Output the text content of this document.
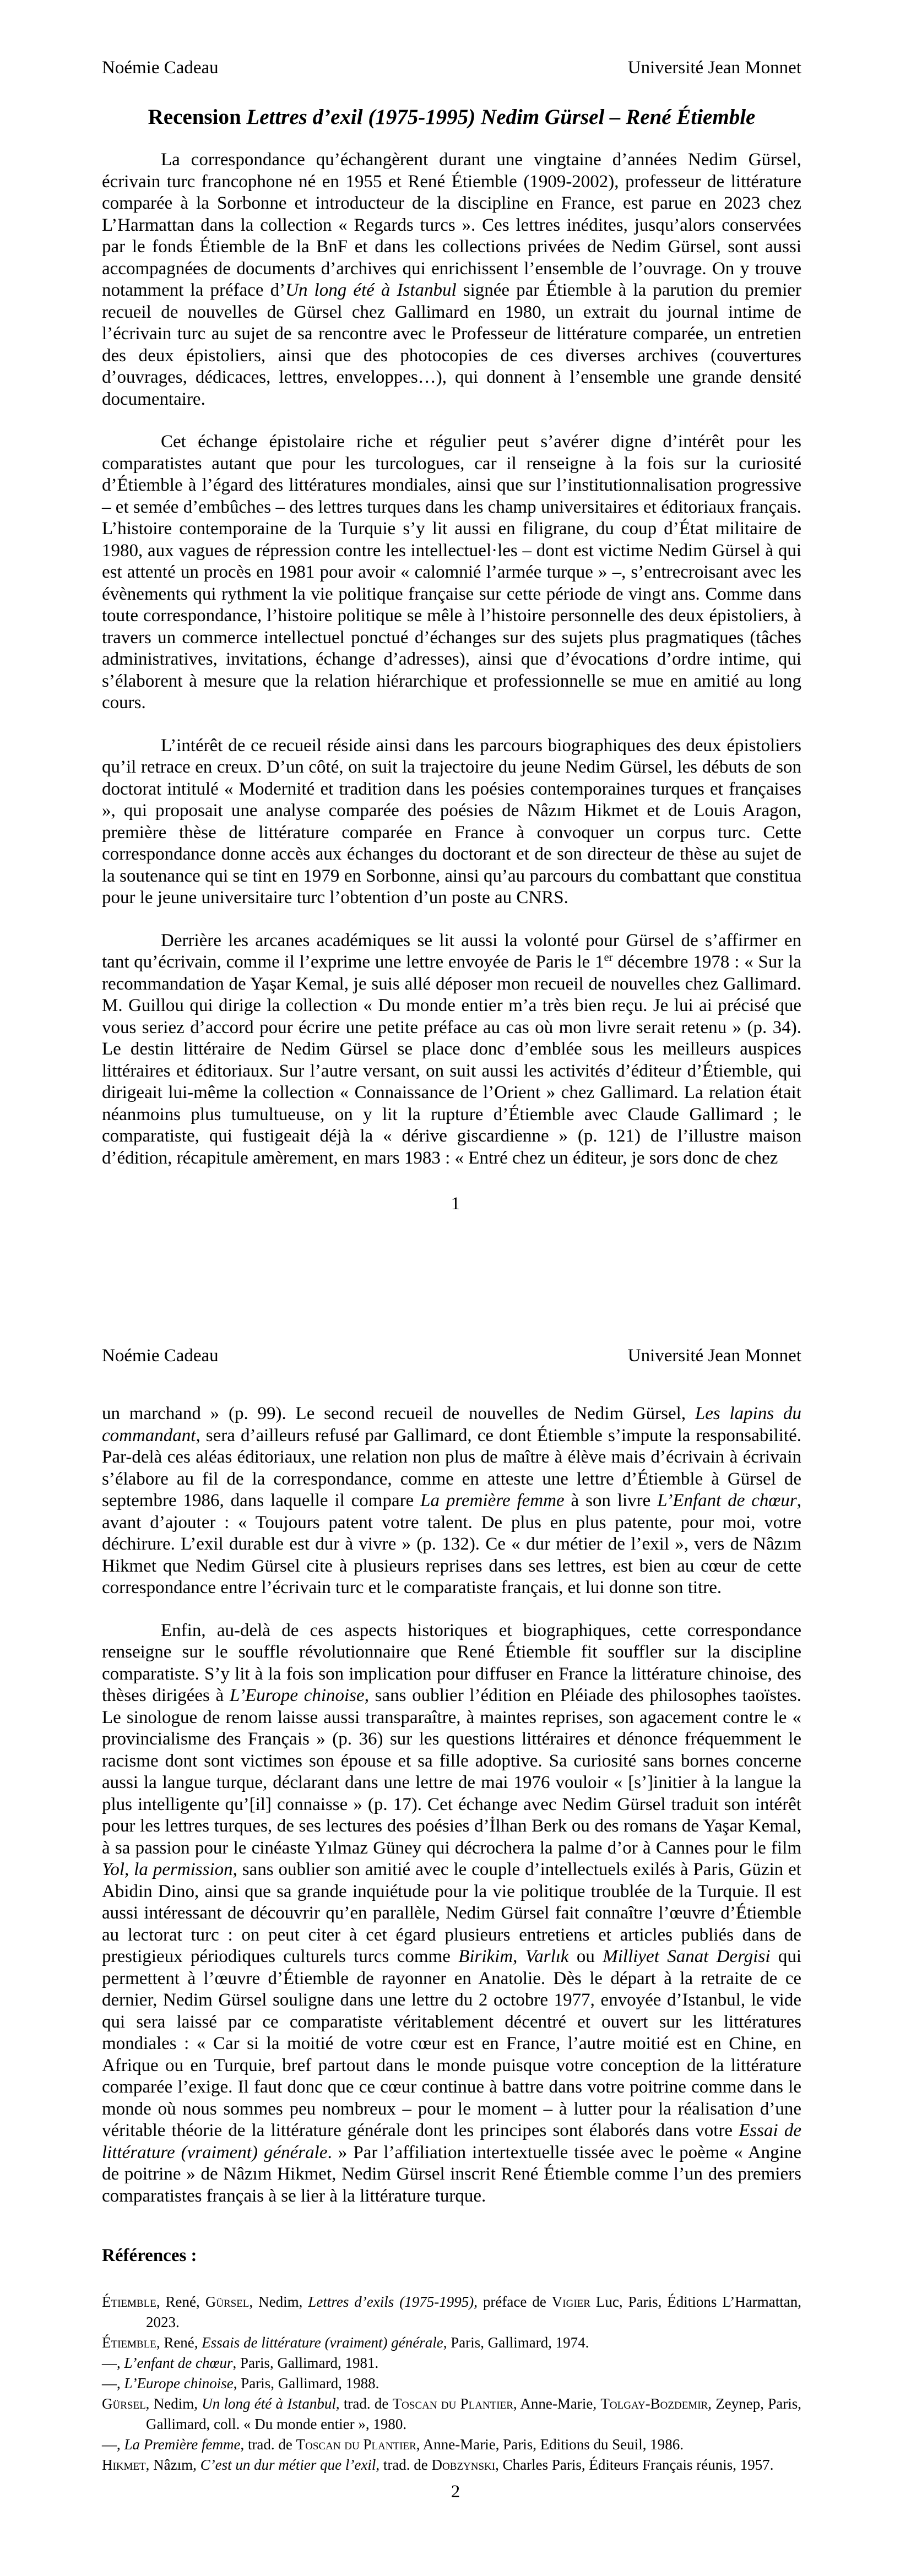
Noémie Cadeau	Université Jean Monnet
Recension Lettres d’exil (1975-1995) Nedim Gürsel – René Étiemble

La correspondance qu’échangèrent durant une vingtaine d’années Nedim Gürsel, écrivain turc francophone né en 1955 et René Étiemble (1909-2002), professeur de littérature comparée à la Sorbonne et introducteur de la discipline en France, est parue en 2023 chez L’Harmattan dans la collection « Regards turcs ». Ces lettres inédites, jusqu’alors conservées par le fonds Étiemble de la BnF et dans les collections privées de Nedim Gürsel, sont aussi accompagnées de documents d’archives qui enrichissent l’ensemble de l’ouvrage. On y trouve notamment la préface d’Un long été à Istanbul signée par Étiemble à la parution du premier recueil de nouvelles de Gürsel chez Gallimard en 1980, un extrait du journal intime de l’écrivain turc au sujet de sa rencontre avec le Professeur de littérature comparée, un entretien des deux épistoliers, ainsi que des photocopies de ces diverses archives (couvertures d’ouvrages, dédicaces, lettres, enveloppes…), qui donnent à l’ensemble une grande densité documentaire.

Cet échange épistolaire riche et régulier peut s’avérer digne d’intérêt pour les comparatistes autant que pour les turcologues, car il renseigne à la fois sur la curiosité d’Étiemble à l’égard des littératures mondiales, ainsi que sur l’institutionnalisation progressive – et semée d’embûches – des lettres turques dans les champ universitaires et éditoriaux français. L’histoire contemporaine de la Turquie s’y lit aussi en filigrane, du coup d’État militaire de 1980, aux vagues de répression contre les intellectuel·les – dont est victime Nedim Gürsel à qui est attenté un procès en 1981 pour avoir « calomnié l’armée turque » –, s’entrecroisant avec les évènements qui rythment la vie politique française sur cette période de vingt ans. Comme dans toute correspondance, l’histoire politique se mêle à l’histoire personnelle des deux épistoliers, à travers un commerce intellectuel ponctué d’échanges sur des sujets plus pragmatiques (tâches administratives, invitations, échange d’adresses), ainsi que d’évocations d’ordre intime, qui s’élaborent à mesure que la relation hiérarchique et professionnelle se mue en amitié au long cours.

L’intérêt de ce recueil réside ainsi dans les parcours biographiques des deux épistoliers qu’il retrace en creux. D’un côté, on suit la trajectoire du jeune Nedim Gürsel, les débuts de son doctorat intitulé « Modernité et tradition dans les poésies contemporaines turques et françaises », qui proposait une analyse comparée des poésies de Nâzım Hikmet et de Louis Aragon, première thèse de littérature comparée en France à convoquer un corpus turc. Cette correspondance donne accès aux échanges du doctorant et de son directeur de thèse au sujet de la soutenance qui se tint en 1979 en Sorbonne, ainsi qu’au parcours du combattant que constitua pour le jeune universitaire turc l’obtention d’un poste au CNRS.

Derrière les arcanes académiques se lit aussi la volonté pour Gürsel de s’affirmer en tant qu’écrivain, comme il l’exprime une lettre envoyée de Paris le 1er décembre 1978 : « Sur la recommandation de Yaşar Kemal, je suis allé déposer mon recueil de nouvelles chez Gallimard. M. Guillou qui dirige la collection « Du monde entier m’a très bien reçu. Je lui ai précisé que vous seriez d’accord pour écrire une petite préface au cas où mon livre serait retenu » (p. 34). Le destin littéraire de Nedim Gürsel se place donc d’emblée sous les meilleurs auspices littéraires et éditoriaux. Sur l’autre versant, on suit aussi les activités d’éditeur d’Étiemble, qui dirigeait lui-même la collection « Connaissance de l’Orient » chez Gallimard. La relation était néanmoins plus tumultueuse, on y lit la rupture d’Étiemble avec Claude Gallimard ; le comparatiste, qui fustigeait déjà la « dérive giscardienne » (p. 121) de l’illustre maison d’édition, récapitule amèrement, en mars 1983 : « Entré chez un éditeur, je sors donc de chez

1
Noémie Cadeau	Université Jean Monnet

un marchand » (p. 99). Le second recueil de nouvelles de Nedim Gürsel, Les lapins du commandant, sera d’ailleurs refusé par Gallimard, ce dont Étiemble s’impute la responsabilité. Par-delà ces aléas éditoriaux, une relation non plus de maître à élève mais d’écrivain à écrivain s’élabore au fil de la correspondance, comme en atteste une lettre d’Étiemble à Gürsel de septembre 1986, dans laquelle il compare La première femme à son livre L’Enfant de chœur, avant d’ajouter : « Toujours patent votre talent. De plus en plus patente, pour moi, votre déchirure. L’exil durable est dur à vivre » (p. 132). Ce « dur métier de l’exil », vers de Nâzım Hikmet que Nedim Gürsel cite à plusieurs reprises dans ses lettres, est bien au cœur de cette correspondance entre l’écrivain turc et le comparatiste français, et lui donne son titre.

Enfin, au-delà de ces aspects historiques et biographiques, cette correspondance renseigne sur le souffle révolutionnaire que René Étiemble fit souffler sur la discipline comparatiste. S’y lit à la fois son implication pour diffuser en France la littérature chinoise, des thèses dirigées à L’Europe chinoise, sans oublier l’édition en Pléiade des philosophes taoïstes. Le sinologue de renom laisse aussi transparaître, à maintes reprises, son agacement contre le « provincialisme des Français » (p. 36) sur les questions littéraires et dénonce fréquemment le racisme dont sont victimes son épouse et sa fille adoptive. Sa curiosité sans bornes concerne aussi la langue turque, déclarant dans une lettre de mai 1976 vouloir « [s’]initier à la langue la plus intelligente qu’[il] connaisse » (p. 17). Cet échange avec Nedim Gürsel traduit son intérêt pour les lettres turques, de ses lectures des poésies d’İlhan Berk ou des romans de Yaşar Kemal, à sa passion pour le cinéaste Yılmaz Güney qui décrochera la palme d’or à Cannes pour le film Yol, la permission, sans oublier son amitié avec le couple d’intellectuels exilés à Paris, Güzin et Abidin Dino, ainsi que sa grande inquiétude pour la vie politique troublée de la Turquie. Il est aussi intéressant de découvrir qu’en parallèle, Nedim Gürsel fait connaître l’œuvre d’Étiemble au lectorat turc : on peut citer à cet égard plusieurs entretiens et articles publiés dans de prestigieux périodiques culturels turcs comme Birikim, Varlık ou Milliyet Sanat Dergisi qui permettent à l’œuvre d’Étiemble de rayonner en Anatolie. Dès le départ à la retraite de ce dernier, Nedim Gürsel souligne dans une lettre du 2 octobre 1977, envoyée d’Istanbul, le vide qui sera laissé par ce comparatiste véritablement décentré et ouvert sur les littératures mondiales : « Car si la moitié de votre cœur est en France, l’autre moitié est en Chine, en Afrique ou en Turquie, bref partout dans le monde puisque votre conception de la littérature comparée l’exige. Il faut donc que ce cœur continue à battre dans votre poitrine comme dans le monde où nous sommes peu nombreux – pour le moment – à lutter pour la réalisation d’une véritable théorie de la littérature générale dont les principes sont élaborés dans votre Essai de littérature (vraiment) générale. » Par l’affiliation intertextuelle tissée avec le poème « Angine de poitrine » de Nâzım Hikmet, Nedim Gürsel inscrit René Étiemble comme l’un des premiers comparatistes français à se lier à la littérature turque.

Références :

Étiemble, René, Gürsel, Nedim, Lettres d’exils (1975-1995), préface de Vigier Luc, Paris, Éditions L’Harmattan, 2023.

Étiemble, René, Essais de littérature (vraiment) générale, Paris, Gallimard, 1974.

—, L’enfant de chœur, Paris, Gallimard, 1981.

—, L’Europe chinoise, Paris, Gallimard, 1988.

Gürsel, Nedim, Un long été à Istanbul, trad. de Toscan du Plantier, Anne-Marie, Tolgay-Bozdemir, Zeynep, Paris, Gallimard, coll. « Du monde entier », 1980.

—, La Première femme, trad. de Toscan du Plantier, Anne-Marie, Paris, Editions du Seuil, 1986.

Hikmet, Nâzım, C’est un dur métier que l’exil, trad. de Dobzynski, Charles Paris, Éditeurs Français réunis, 1957.

2
